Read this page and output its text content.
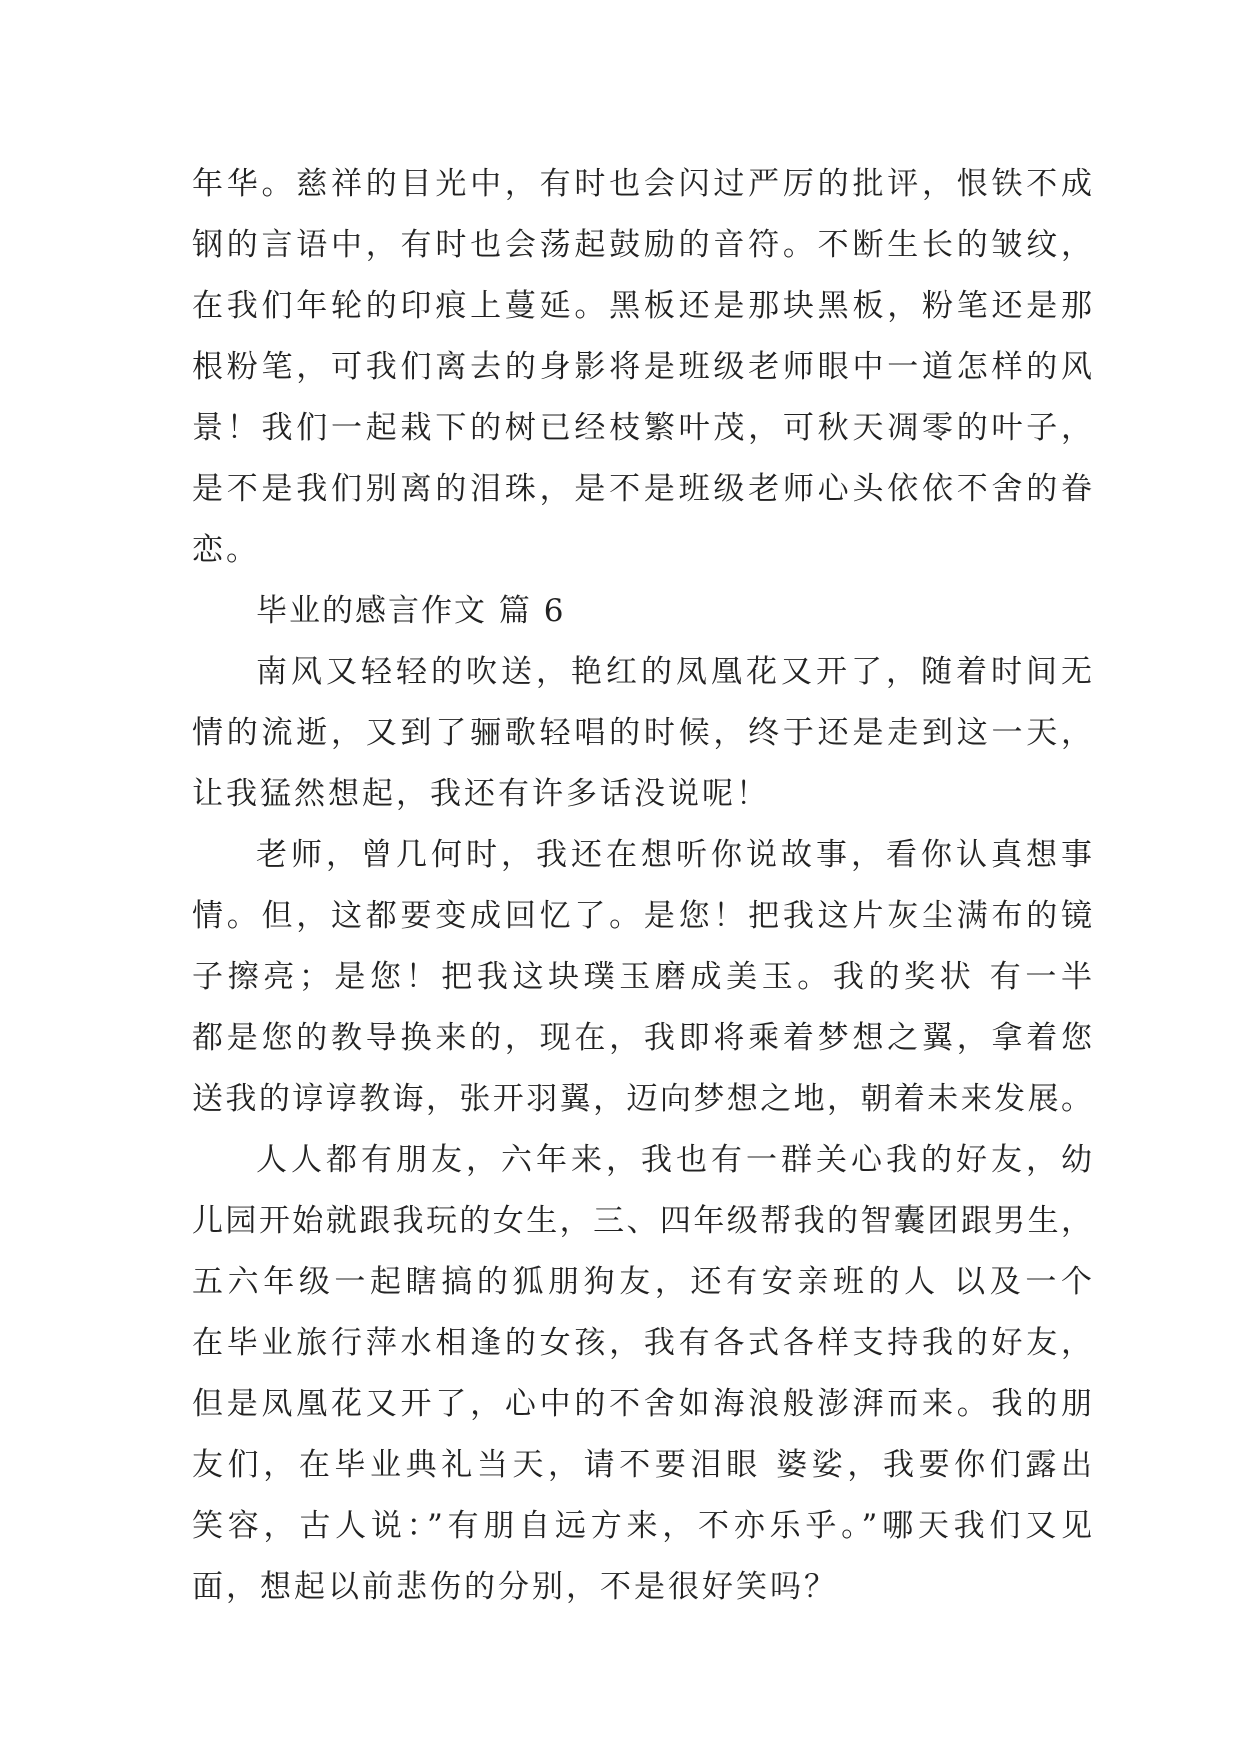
年华。慈祥的目光中，有时也会闪过严厉的批评，恨铁不成
钢的言语中，有时也会荡起鼓励的音符。不断生长的皱纹，
在我们年轮的印痕上蔓延。黑板还是那块黑板，粉笔还是那
根粉笔，可我们离去的身影将是班级老师眼中一道怎样的风
景！我们一起栽下的树已经枝繁叶茂，可秋天凋零的叶子，
是不是我们别离的泪珠，是不是班级老师心头依依不舍的眷
恋。
毕业的感言作文 篇 6
南风又轻轻的吹送，艳红的凤凰花又开了，随着时间无
情的流逝，又到了骊歌轻唱的时候，终于还是走到这一天，
让我猛然想起，我还有许多话没说呢！
老师，曾几何时，我还在想听你说故事，看你认真想事
情。但，这都要变成回忆了。是您！把我这片灰尘满布的镜
子擦亮；是您！把我这块璞玉磨成美玉。我的奖状 有一半
都是您的教导换来的，现在，我即将乘着梦想之翼，拿着您
送我的谆谆教诲，张开羽翼，迈向梦想之地，朝着未来发展。
人人都有朋友，六年来，我也有一群关心我的好友，幼
儿园开始就跟我玩的女生，三、四年级帮我的智囊团跟男生，
五六年级一起瞎搞的狐朋狗友，还有安亲班的人 以及一个
在毕业旅行萍水相逢的女孩，我有各式各样支持我的好友，
但是凤凰花又开了，心中的不舍如海浪般澎湃而来。我的朋
友们，在毕业典礼当天，请不要泪眼 婆娑，我要你们露出
笑容，古人说：”有朋自远方来，不亦乐乎。”哪天我们又见
面，想起以前悲伤的分别，不是很好笑吗？
